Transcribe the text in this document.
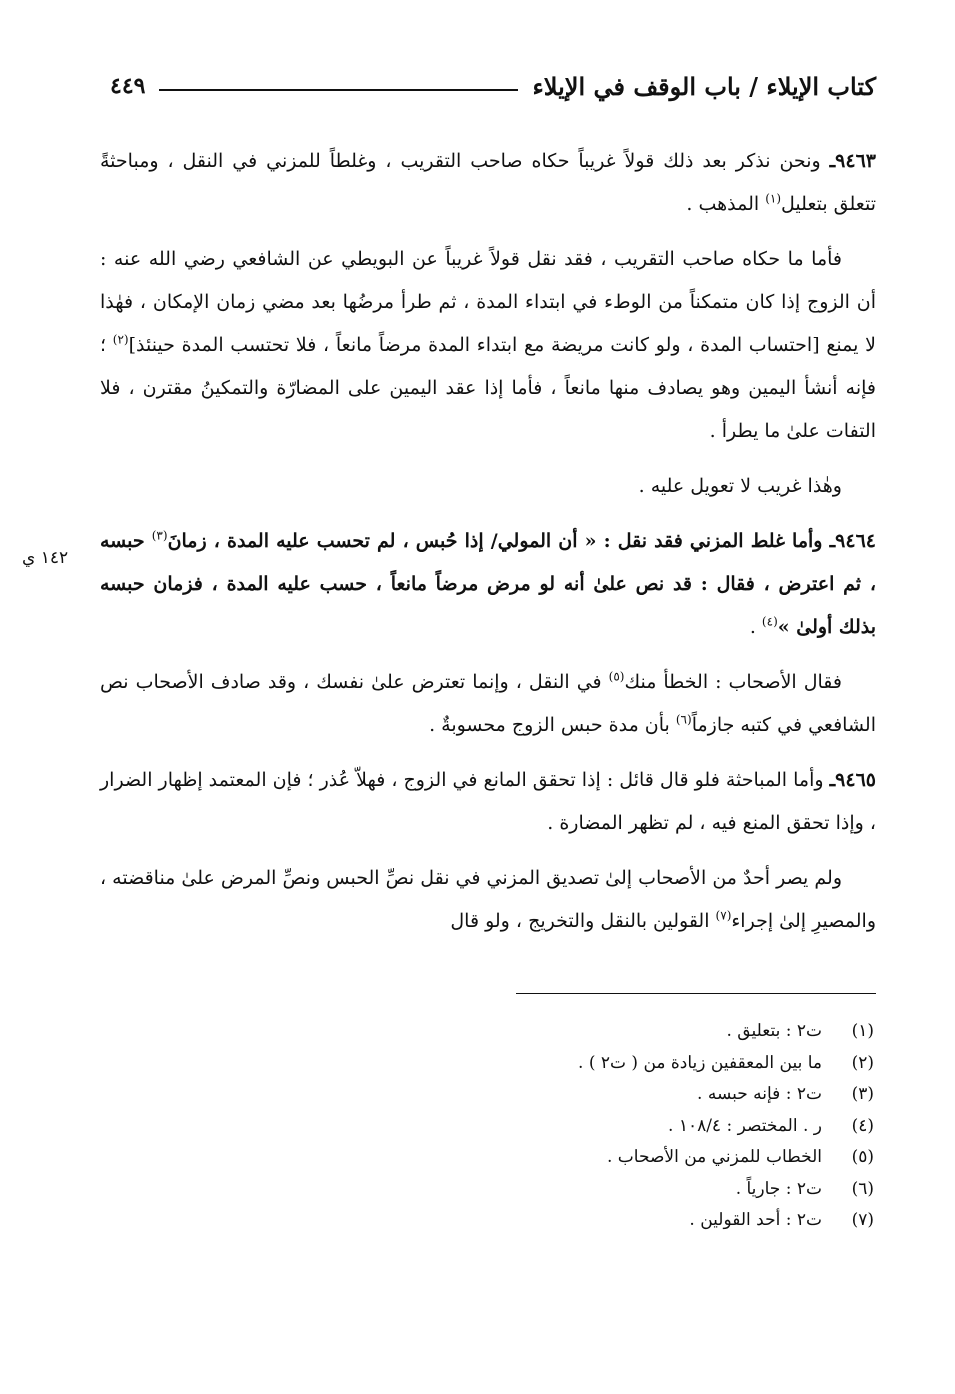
كتاب الإيلاء / باب الوقف في الإيلاء
٤٤٩

٩٤٦٣ـ ونحن نذكر بعد ذلك قولاً غريباً حكاه صاحب التقريب ، وغلطاً للمزني في النقل ، ومباحثةً تتعلق بتعليل$^{(١)}$ المذهب .

فأما ما حكاه صاحب التقريب ، فقد نقل قولاً غريباً عن البويطي عن الشافعي رضي الله عنه : أن الزوج إذا كان متمكناً من الوطء في ابتداء المدة ، ثم طرأ مرضُها بعد مضي زمان الإمكان ، فهٰذا لا يمنع [احتساب المدة ، ولو كانت مريضة مع ابتداء المدة مرضاً مانعاً ، فلا تحتسب المدة حينئذ]$^{(٢)}$ ؛ فإنه أنشأ اليمين وهو يصادف منها مانعاً ، فأما إذا عقد اليمين على المضارّة والتمكينُ مقترن ، فلا التفات علىٰ ما يطرأ .

وهٰذا غريب لا تعويل عليه .

٩٤٦٤ـ وأما غلط المزني فقد نقل : « أن المولي/ إذا حُبس ، لم تحسب عليه المدة ، زمانَ$^{(٣)}$ حبسه ، ثم اعترض ، فقال : قد نص علىٰ أنه لو مرض مرضاً مانعاً ، حسب عليه المدة ، فزمان حبسه بذلك أولىٰ »$^{(٤)}$ .

فقال الأصحاب : الخطأ منك$^{(٥)}$ في النقل ، وإنما تعترض علىٰ نفسك ، وقد صادف الأصحاب نص الشافعي في كتبه جازماً$^{(٦)}$ بأن مدة حبس الزوج محسوبةٌ .

٩٤٦٥ـ وأما المباحثة فلو قال قائل : إذا تحقق المانع في الزوج ، فهلاّ عُذر ؛ فإن المعتمد إظهار الضرار ، وإذا تحقق المنع فيه ، لم تظهر المضارة .

ولم يصر أحدٌ من الأصحاب إلىٰ تصديق المزني في نقل نصِّ الحبس ونصِّ المرض علىٰ مناقضته ، والمصيرِ إلىٰ إجراء$^{(٧)}$ القولين بالنقل والتخريج ، ولو قال

١٤٢ ي
(١)
ت٢ : بتعليق .
(٢)
ما بين المعقفين زيادة من ( ت٢ ) .
(٣)
ت٢ : فإنه حبسه .
(٤)
ر . المختصر : ١٠٨/٤ .
(٥)
الخطاب للمزني من الأصحاب .
(٦)
ت٢ : جارياً .
(٧)
ت٢ : أحد القولين .
